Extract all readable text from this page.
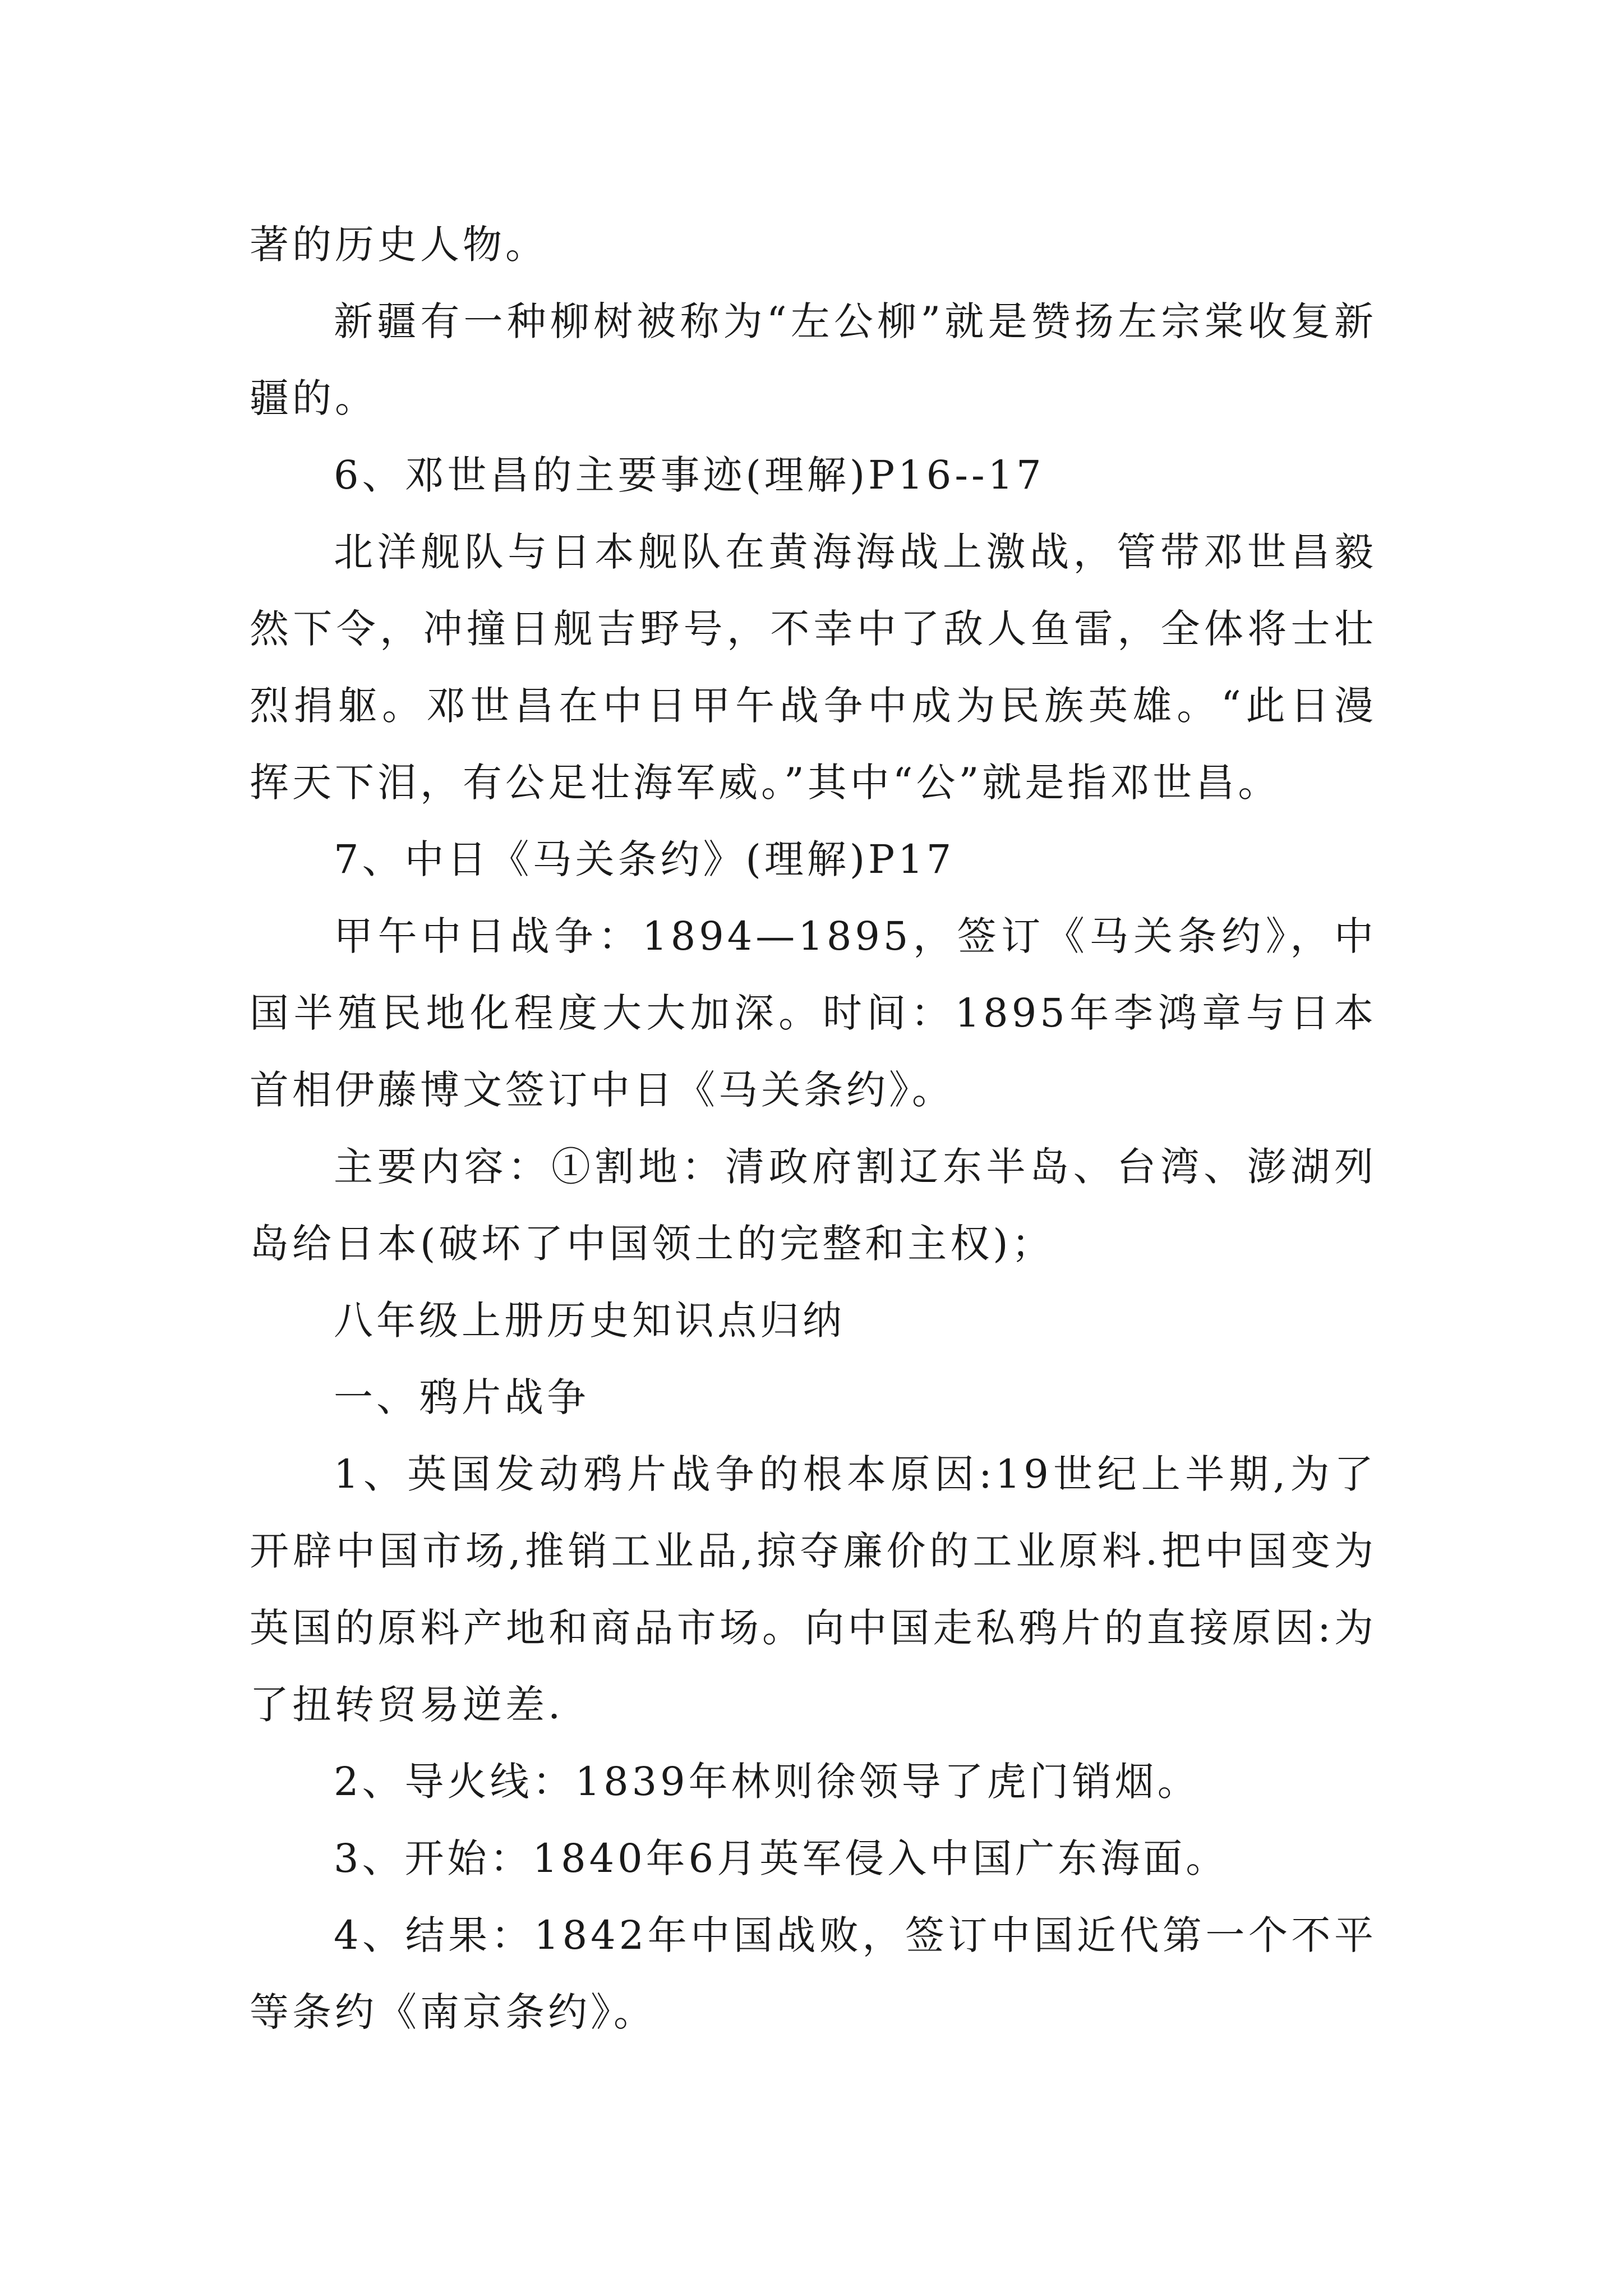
著的历史人物。

新疆有一种柳树被称为“左公柳”就是赞扬左宗棠收复新疆的。

6、邓世昌的主要事迹(理解)P16--17

北洋舰队与日本舰队在黄海海战上激战，管带邓世昌毅然下令，冲撞日舰吉野号，不幸中了敌人鱼雷，全体将士壮烈捐躯。邓世昌在中日甲午战争中成为民族英雄。“此日漫挥天下泪，有公足壮海军威。”其中“公”就是指邓世昌。

7、中日《马关条约》(理解)P17

甲午中日战争：1894—1895，签订《马关条约》，中国半殖民地化程度大大加深。时间：1895年李鸿章与日本首相伊藤博文签订中日《马关条约》。

主要内容：①割地：清政府割辽东半岛、台湾、澎湖列岛给日本(破坏了中国领土的完整和主权)；

八年级上册历史知识点归纳

一、鸦片战争

1、英国发动鸦片战争的根本原因:19世纪上半期,为了开辟中国市场,推销工业品,掠夺廉价的工业原料.把中国变为英国的原料产地和商品市场。向中国走私鸦片的直接原因:为了扭转贸易逆差.

2、导火线：1839年林则徐领导了虎门销烟。

3、开始：1840年6月英军侵入中国广东海面。

4、结果：1842年中国战败，签订中国近代第一个不平等条约《南京条约》。
